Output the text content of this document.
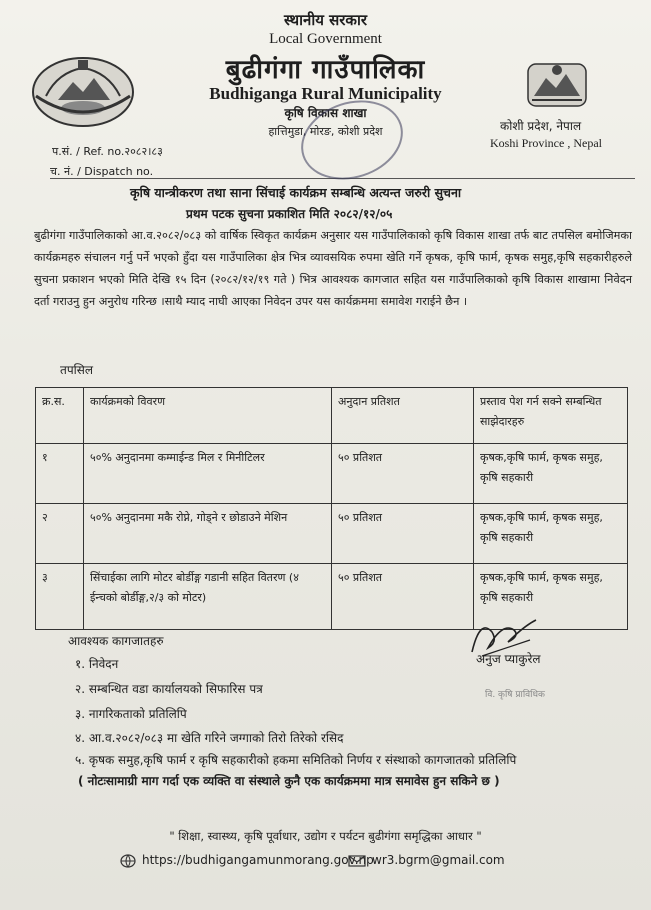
स्थानीय सरकार
Local Government
बुढीगंगा गाउँपालिका
Budhiganga Rural Municipality
कृषि विकास शाखा
हात्तिमुडा, मोरङ, कोशी प्रदेश	कोशी प्रदेश, नेपाल
Koshi Province , Nepal
प.सं. / Ref. no.२०८२।८३
च. नं. / Dispatch no.
कृषि यान्त्रीकरण तथा साना सिंचाई कार्यक्रम सम्बन्धि अत्यन्त जरुरी सुचना
प्रथम पटक सुचना प्रकाशित मिति २०८२/१२/०५
बुढीगंगा गाउँपालिकाको आ.व.२०८२/०८३ को वार्षिक स्विकृत कार्यक्रम अनुसार यस गाउँपालिकाको कृषि विकास शाखा तर्फ बाट तपसिल बमोजिमका कार्यक्रमहरु संचालन गर्नु पर्ने भएको हुँदा यस गाउँपालिका क्षेत्र भित्र व्यावसयिक रुपमा खेति गर्ने कृषक, कृषि फार्म, कृषक समुह,कृषि सहकारीहरुले सुचना प्रकाशन भएको मिति देखि १५ दिन (२०८२/१२/१९ गते ) भित्र आवश्यक कागजात सहित यस गाउँपालिकाको कृषि विकास शाखामा निवेदन दर्ता गराउनु हुन अनुरोध गरिन्छ ।साथै म्याद नाघी आएका निवेदन उपर यस कार्यक्रममा समावेश गराईने छैन ।
तपसिल
क्र.स.	कार्यक्रमको विवरण	अनुदान प्रतिशत	प्रस्ताव पेश गर्न सक्ने सम्बन्धित साझेदारहरु
१	५०% अनुदानमा कम्माईन्ड मिल र मिनीटिलर	५० प्रतिशत	कृषक,कृषि फार्म, कृषक समुह, कृषि सहकारी
२	५०% अनुदानमा मकै रोप्ने, गोड्ने र छोडाउने मेशिन	५० प्रतिशत	कृषक,कृषि फार्म, कृषक समुह, कृषि सहकारी
३	सिंचाईका लागि मोटर बोर्डीङ्ग गडानी सहित वितरण (४ ईन्चको बोर्डीङ्ग,२/३ को मोटर)	५० प्रतिशत	कृषक,कृषि फार्म, कृषक समुह, कृषि सहकारी
अनुज प्याकुरेल
वि. कृषि प्राविधिक
आवश्यक कागजातहरु
१. निवेदन
२. सम्बन्धित वडा कार्यालयको सिफारिस पत्र
३. नागरिकताको प्रतिलिपि
४. आ.व.२०८२/०८३ मा खेति गरिने जग्गाको तिरो तिरेको रसिद
५. कृषक समुह,कृषि फार्म र कृषि सहकारीको हकमा समितिको निर्णय र संस्थाको कागजातको प्रतिलिपि
( नोटःसामाग्री माग गर्दा एक व्यक्ति वा संस्थाले कुनै एक कार्यक्रममा मात्र समावेस हुन सकिने छ )
" शिक्षा, स्वास्थ्य, कृषि पूर्वाधार, उद्योग र पर्यटन बुढीगंगा समृद्धिका आधार "
https://budhigangamunmorang.gov.np
wr3.bgrm@gmail.com
